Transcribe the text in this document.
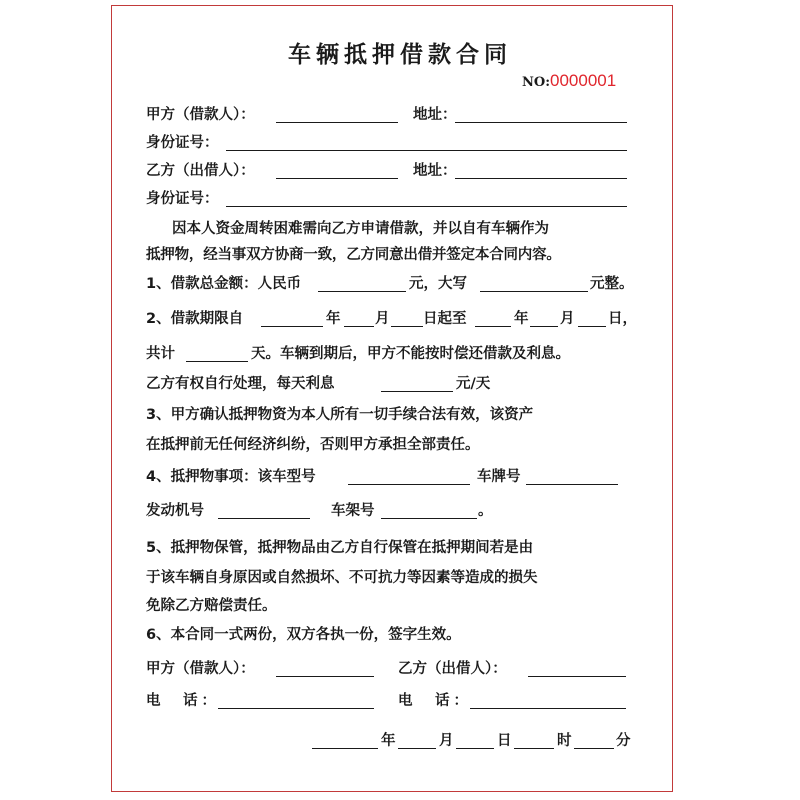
车辆抵押借款合同
NO:0000001
甲方（借款人）：	地址：
身份证号：
乙方（出借人）：	地址：
身份证号：
因本人资金周转困难需向乙方申请借款，并以自有车辆作为
抵押物，经当事双方协商一致，乙方同意出借并签定本合同内容。
1、借款总金额：人民币	元，大写	元整。
2、借款期限自	年 月 日起至	年 月 日，
共计	天。车辆到期后，甲方不能按时偿还借款及利息。
乙方有权自行处理，每天利息	元/天
3、甲方确认抵押物资为本人所有一切手续合法有效，该资产
在抵押前无任何经济纠纷，否则甲方承担全部责任。
4、抵押物事项：该车型号	车牌号
发动机号	车架号	。
5、抵押物保管，抵押物品由乙方自行保管在抵押期间若是由
于该车辆自身原因或自然损坏、不可抗力等因素等造成的损失
免除乙方赔偿责任。
6、本合同一式两份，双方各执一份，签字生效。
甲方（借款人）：	乙方（出借人）：
电　话：	电　话：
年	月	日	时	分
